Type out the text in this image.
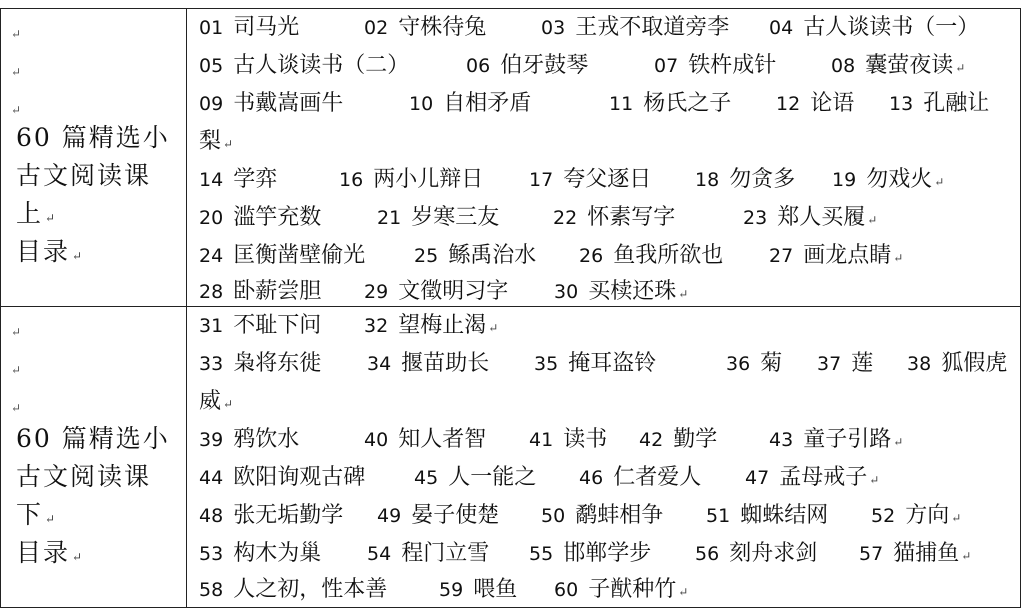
↵
↵
↵
60 篇精选小
古文阅读课
上 ↵
目录 ↵
01 司马光	02 守株待兔	03 王戎不取道旁李 04 古人谈读书（一）
05 古人谈读书（二）	06 伯牙鼓琴	07 铁杵成针	08 囊萤夜读 ↵
09 书戴嵩画牛	10 自相矛盾	11 杨氏之子 12 论语 13 孔融让
梨 ↵
14 学弈	16 两小儿辩日 17 夸父逐日 18 勿贪多 19 勿戏火 ↵
20 滥竽充数	21 岁寒三友	22 怀素写字	23 郑人买履 ↵
24 匡衡凿壁偷光	25 鲧禹治水 26 鱼我所欲也 27 画龙点睛 ↵
28 卧薪尝胆 29 文徵明习字 30 买椟还珠 ↵
↵
↵
↵
60 篇精选小
古文阅读课
下 ↵
目录 ↵
31 不耻下问 32 望梅止渴 ↵
33 枭将东徙 34 揠苗助长 35 掩耳盗铃	36 菊 37 莲 38 狐假虎
威 ↵
39 鸦饮水	40 知人者智 41 读书 42 勤学	43 童子引路 ↵
44 欧阳询观古碑	45 人一能之 46 仁者爱人 47 孟母戒子 ↵
48 张无垢勤学 49 晏子使楚 50 鹬蚌相争 51 蜘蛛结网 52 方向 ↵
53 构木为巢 54 程门立雪 55 邯郸学步 56 刻舟求剑 57 猫捕鱼 ↵
58 人之初，性本善	59 喂鱼 60 子猷种竹 ↵
